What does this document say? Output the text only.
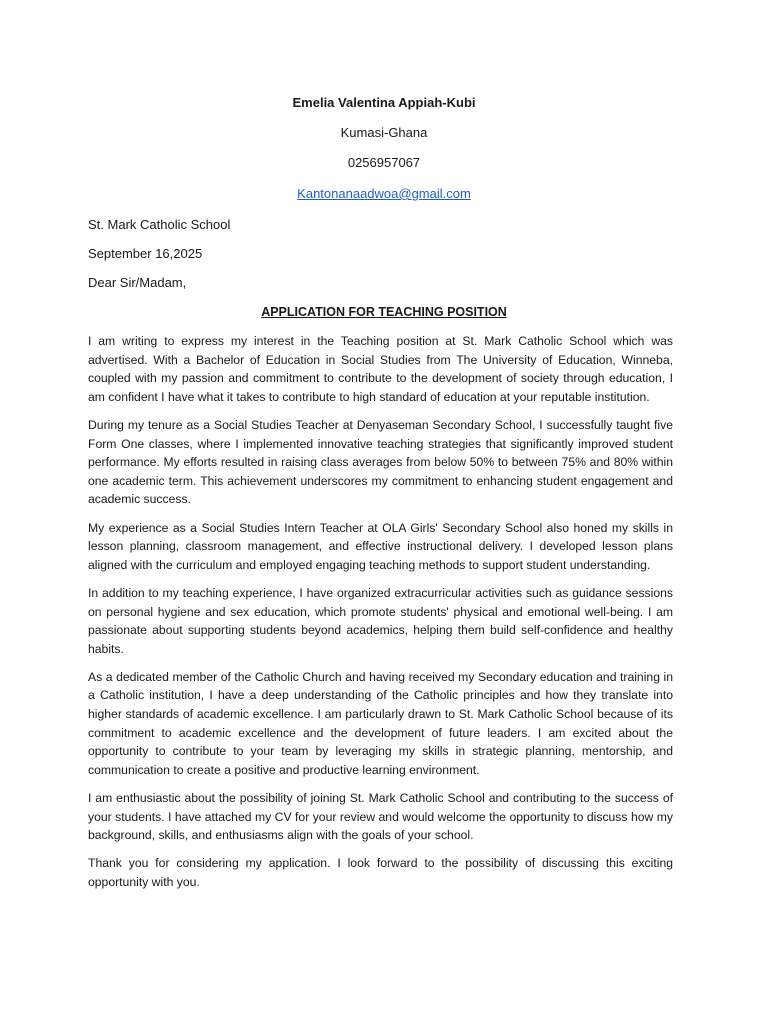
Emelia Valentina Appiah-Kubi
Kumasi-Ghana
0256957067
Kantonanaadwoa@gmail.com
St. Mark Catholic School
September 16,2025
Dear Sir/Madam,
APPLICATION FOR TEACHING POSITION

I am writing to express my interest in the Teaching position at St. Mark Catholic School which was advertised. With a Bachelor of Education in Social Studies from The University of Education, Winneba, coupled with my passion and commitment to contribute to the development of society through education, I am confident I have what it takes to contribute to high standard of education at your reputable institution.

During my tenure as a Social Studies Teacher at Denyaseman Secondary School, I successfully taught five Form One classes, where I implemented innovative teaching strategies that significantly improved student performance. My efforts resulted in raising class averages from below 50% to between 75% and 80% within one academic term. This achievement underscores my commitment to enhancing student engagement and academic success.

My experience as a Social Studies Intern Teacher at OLA Girls' Secondary School also honed my skills in lesson planning, classroom management, and effective instructional delivery. I developed lesson plans aligned with the curriculum and employed engaging teaching methods to support student understanding.

In addition to my teaching experience, I have organized extracurricular activities such as guidance sessions on personal hygiene and sex education, which promote students' physical and emotional well-being. I am passionate about supporting students beyond academics, helping them build self-confidence and healthy habits.

As a dedicated member of the Catholic Church and having received my Secondary education and training in a Catholic institution, I have a deep understanding of the Catholic principles and how they translate into higher standards of academic excellence. I am particularly drawn to St. Mark Catholic School because of its commitment to academic excellence and the development of future leaders. I am excited about the opportunity to contribute to your team by leveraging my skills in strategic planning, mentorship, and communication to create a positive and productive learning environment.

I am enthusiastic about the possibility of joining St. Mark Catholic School and contributing to the success of your students. I have attached my CV for your review and would welcome the opportunity to discuss how my background, skills, and enthusiasms align with the goals of your school.

Thank you for considering my application. I look forward to the possibility of discussing this exciting opportunity with you.
